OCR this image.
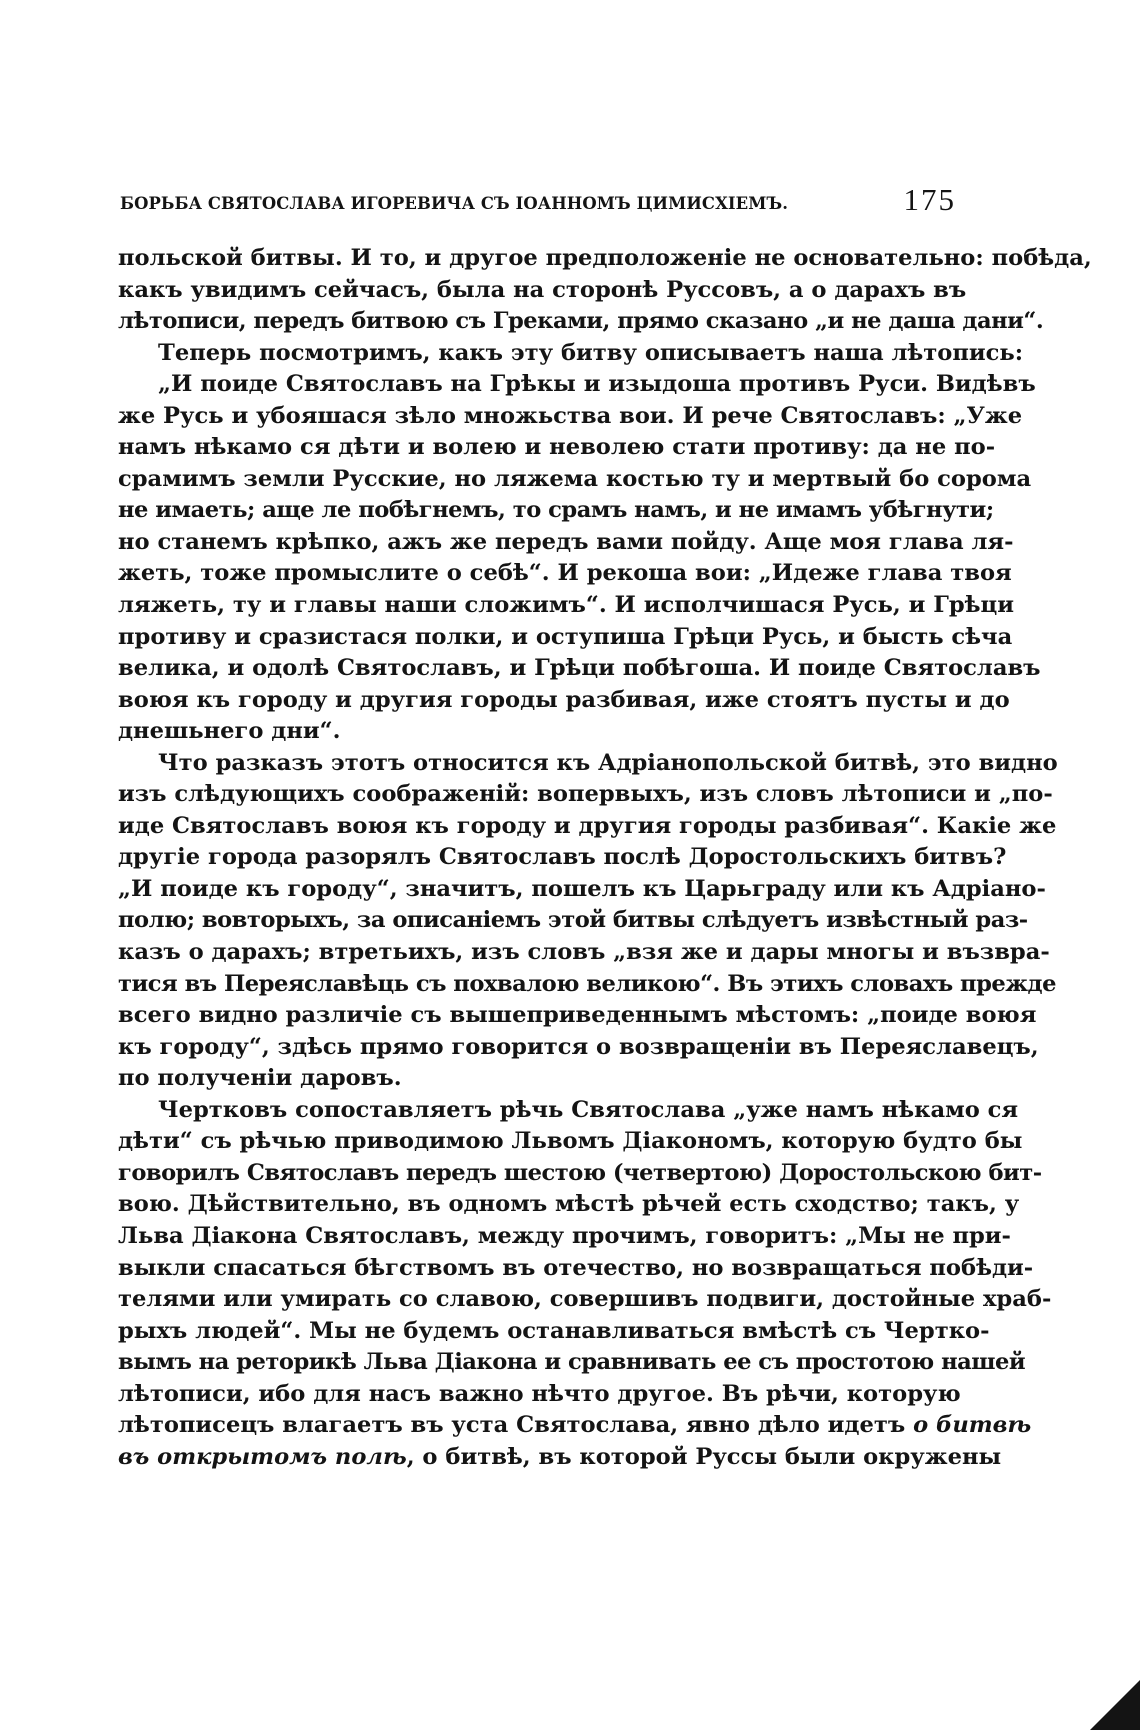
БОРЬБА СВЯТОСЛАВА ИГОРЕВИЧА СЪ ІОАННОМЪ ЦИМИСХІЕМЪ.	175
польской битвы. И то, и другое предположеніе не основательно: побѣда,
какъ увидимъ сейчасъ, была на сторонѣ Руссовъ, а о дарахъ въ
лѣтописи, передъ битвою съ Греками, прямо сказано „и не даша дани“.
Теперь посмотримъ, какъ эту битву описываетъ наша лѣтопись:
„И поиде Святославъ на Грѣкы и изыдоша противъ Руси. Видѣвъ
же Русь и убояшася зѣло множьства вои. И рече Святославъ: „Уже
намъ нѣкамо ся дѣти и волею и неволею стати противу: да не по-
срамимъ земли Русские, но ляжема костью ту и мертвый бо сорома
не имаеть; аще ле побѣгнемъ, то срамъ намъ, и не имамъ убѣгнути;
но станемъ крѣпко, ажъ же передъ вами пойду. Аще моя глава ля-
жеть, тоже промыслите о себѣ“. И рекоша вои: „Идеже глава твоя
ляжеть, ту и главы наши сложимъ“. И исполчишася Русь, и Грѣци
противу и сразистася полки, и оступиша Грѣци Русь, и бысть сѣча
велика, и одолѣ Святославъ, и Грѣци побѣгоша. И поиде Святославъ
воюя къ городу и другия городы разбивая, иже стоятъ пусты и до
днешьнего дни“.
Что разказъ этотъ относится къ Адріанопольской битвѣ, это видно
изъ слѣдующихъ соображеній: вопервыхъ, изъ словъ лѣтописи и „по-
иде Святославъ воюя къ городу и другия городы разбивая“. Какіе же
другіе города разорялъ Святославъ послѣ Доростольскихъ битвъ?
„И поиде къ городу“, значитъ, пошелъ къ Царьграду или къ Адріано-
полю; вовторыхъ, за описаніемъ этой битвы слѣдуетъ извѣстный раз-
казъ о дарахъ; втретьихъ, изъ словъ „взя же и дары многы и възвра-
тися въ Переяславѣць съ похвалою великою“. Въ этихъ словахъ прежде
всего видно различіе съ вышеприведеннымъ мѣстомъ: „поиде воюя
къ городу“, здѣсь прямо говорится о возвращеніи въ Переяславецъ,
по полученіи даровъ.
Чертковъ сопоставляетъ рѣчь Святослава „уже намъ нѣкамо ся
дѣти“ съ рѣчью приводимою Львомъ Діакономъ, которую будто бы
говорилъ Святославъ передъ шестою (четвертою) Доростольскою бит-
вою. Дѣйствительно, въ одномъ мѣстѣ рѣчей есть сходство; такъ, у
Льва Діакона Святославъ, между прочимъ, говоритъ: „Мы не при-
выкли спасаться бѣгствомъ въ отечество, но возвращаться побѣди-
телями или умирать со славою, совершивъ подвиги, достойные храб-
рыхъ людей“. Мы не будемъ останавливаться вмѣстѣ съ Чертко-
вымъ на реторикѣ Льва Діакона и сравнивать ее съ простотою нашей
лѣтописи, ибо для насъ важно нѣчто другое. Въ рѣчи, которую
лѣтописецъ влагаетъ въ уста Святослава, явно дѣло идетъ о битвѣ
въ открытомъ полѣ, о битвѣ, въ которой Руссы были окружены
